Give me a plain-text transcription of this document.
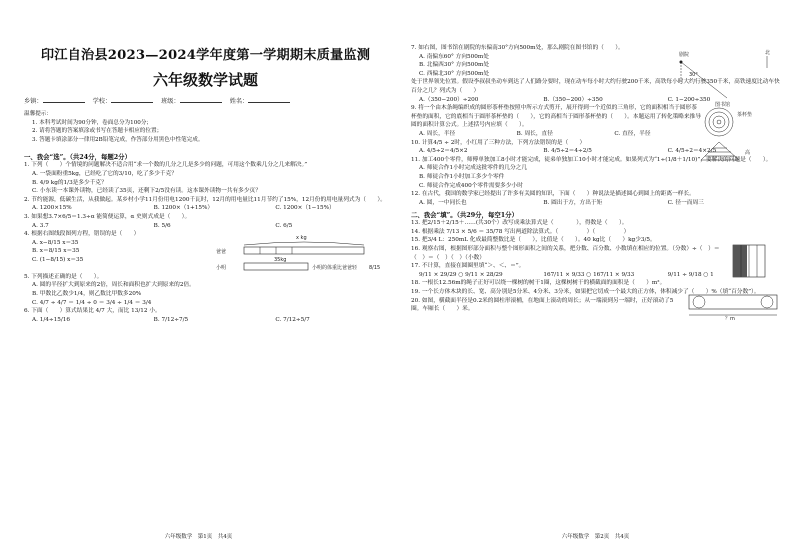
印江自治县2023—2024学年度第一学期期末质量监测
六年级数学试题
乡镇：	学校：	班级：	姓名：
温馨提示：
1. 本科考试时间为90分钟，卷面总分为100分；
2. 请将答题的答案填涂或书写在答题卡相应的位置；
3. 答题卡填涂部分一律用2B铅笔完成，作答部分用黑色中性笔完成。
一、我会“选”。（共24分，每题2分）
1. 下列（　　）个情境的问题解决不适合用“求一个数的几分之几是多少的问题，可用这个数乘几分之几来解决。”
A. 一袋面粉重5kg，已经吃了它的3/10，吃了多少千克？
B. 4/9 kg的1/3是多少千克？
C. 小东读一本课外读物，已经读了35页，还剩下2/5没有读。这本课外读物一共有多少页？
2. 节约能源，低碳生活，从我做起。某乡村小学11月份用电1200千瓦时，12月的用电量比11月节约了15%，12月份的用电量列式为（　　）。
A. 1200×15%	B. 1200×（1+15%）	C. 1200×（1−15%）
3. 如果想3.7×6/5＝1.3÷α 能简便运算，α 史则式成是（　　）。
A. 3.7	B. 5/6	C. 6/5
4. 根据右图线段图列方程，错误的是（　　）
A. x−8/15 x＝35
B. x＝8/15 x＝35
C. (1−8/15) x＝35
x kg
爸爸
35kg
小明	小明的体重比爸爸轻 8/15
5. 下列描述正确的是（　　）。
A. 圆的半径扩大到原来的2倍，周长和面积也扩大到原来的2倍。
B. 甲数比乙数少1/4，则乙数比甲数多20%
C. 4/7 ÷ 4/7 ＝ 1/4 ÷ 0 ＝ 3/4 ÷ 1/4 ＝ 3/4
6. 下面（　　）算式结果比 4/7 大，而比 13/12 小。
A. 1/4÷15/16	B. 7/12÷7/5	C. 7/12÷5/7
六年级数学　第1页　共4页
北
剧院
30°
图书馆
7. 如右图，图书馆在剧院的东偏南30°方向500m处，那么剧院在图书馆的（　　）。
A. 南偏东60° 方向500m处
B. 北偏西30° 方向500m处
C. 西偏北30° 方向500m处
处于世界领先位置。假设李叔叔坐动车到达了人们路分要时，现在动车每小时大约行驶200千米，高铁每小时大约行驶350千米，高铁速度比动车快百分之几？列式为（　　）
A.（350−200）÷200	B.（350−200）÷350	C. 1−200÷350
9. 将一个由木条绳编织成的圆形茶杯垫按照中所示方式剪开，展开得到一个近似的三角形，它的面积相当于圆形茶杯垫的面积，它的底相当于圆形茶杯垫的（　　），它的高相当于圆形茶杯垫的（　　）。本题运用了转化策略来推导圆的面积计算公式。上述括号内应填（　　）。
A. 周长，半径	B. 周长，直径	C. 直径，半径
茶杯垫
高
10. 计算4/5 ÷ 2时，小红用了三种方法，下列方法错误的是（　　）
A. 4/5÷2＝4/5×2	B. 4/5÷2＝4÷2/5	C. 4/5÷2＝4×2/5
11. 加工400个零件，师傅单独加工8小时才能完成，徒弟单独加工10小时才能完成。如果列式为“1÷(1/8＋1/10)”，要解决的问题是（　　）。
A. 师徒合作1小时完成这批零件的几分之几
B. 师徒合作1小时加工多少个零件
C. 师徒合作完成400个零件需要多少小时
12. 在古代，我国的数学家已经提出了许多有关圆的知识，下面（　　）种说法是描述圆心到圆上的距离一样长。
A. 圆，一中同长也	B. 圆出于方，方出于矩	C. 径一而周三
二、我会“填”。（共29分，每空1分）
13. 把2/15＋2/15＋……(共30个）改写成乘法算式是（　　　　），得数是（　　）。
14. 根据乘法 7/13 × 5/6 ＝ 35/78 写出两道除法算式。（　　　　　）（　　　　　）
15. 把3/4 L：250mL 化成最简整数比是（　　），比值是（　　）。40 kg比（　　）kg少3/5。
16. 观察右图，根据图形部分面积与整个图形面积之间的关系，把分数、百分数、小数填在相应的位置。（分数）÷（　）＝（　）＝（　）（　）（小数）
17. 不计算，直接在圆圈里填“＞、＜、＝”。
9/11 × 29/29 ○ 9/11 × 28/29	167/11 × 9/33 ○ 167/11 × 9/33	9/11 ÷ 9/18 ○ 1
18. 一根长12.56m的绳子正好可以绕一棵树的树干1圈，这棵树树干的横截面的面积是（　　）m²。
19. 一个长方体木块的长、宽、高分别是5分米、4分米、3分米，如果把它切成一个最大的正方体，体积减少了（　　）%（填“百分数”）。
20. 如图，横截面半径是0.2米的圆柱形滚桶，在地面上滚动的周长；从一端滚到另一端时，正好滚动了5圈。车厢长（　　）米。
？m
六年级数学　第2页　共4页
